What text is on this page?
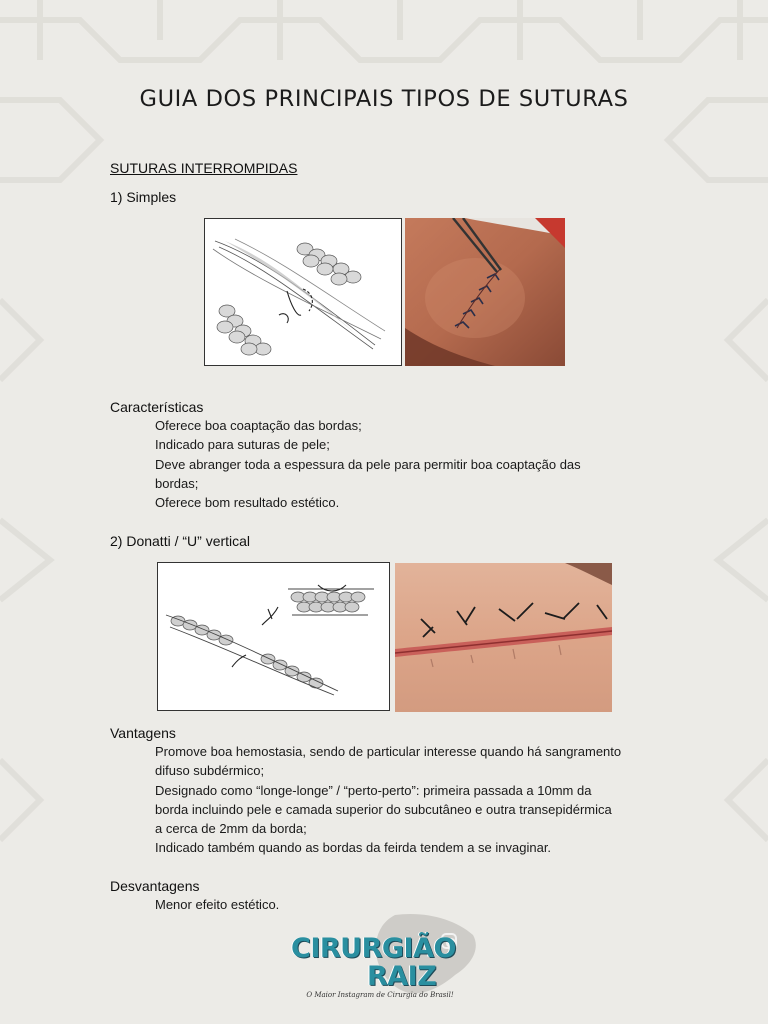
GUIA DOS PRINCIPAIS TIPOS DE SUTURAS
SUTURAS INTERROMPIDAS
1) Simples
Características
Oferece boa coaptação das bordas;
Indicado para suturas de pele;
Deve abranger toda a espessura da pele para permitir boa coaptação das
bordas;
Oferece bom resultado estético.
2) Donatti / “U” vertical
Vantagens
Promove boa hemostasia, sendo de particular interesse quando há sangramento
difuso subdérmico;
Designado como “longe-longe” / “perto-perto”: primeira passada a 10mm da
borda incluindo pele e camada superior do subcutâneo e outra transepidérmica
a cerca de 2mm da borda;
Indicado também quando as bordas da feirda tendem a se invaginar.
Desvantagens
Menor efeito estético.
CIRURGIÃO
RAIZ
O Maior Instagram de Cirurgia do Brasil!
